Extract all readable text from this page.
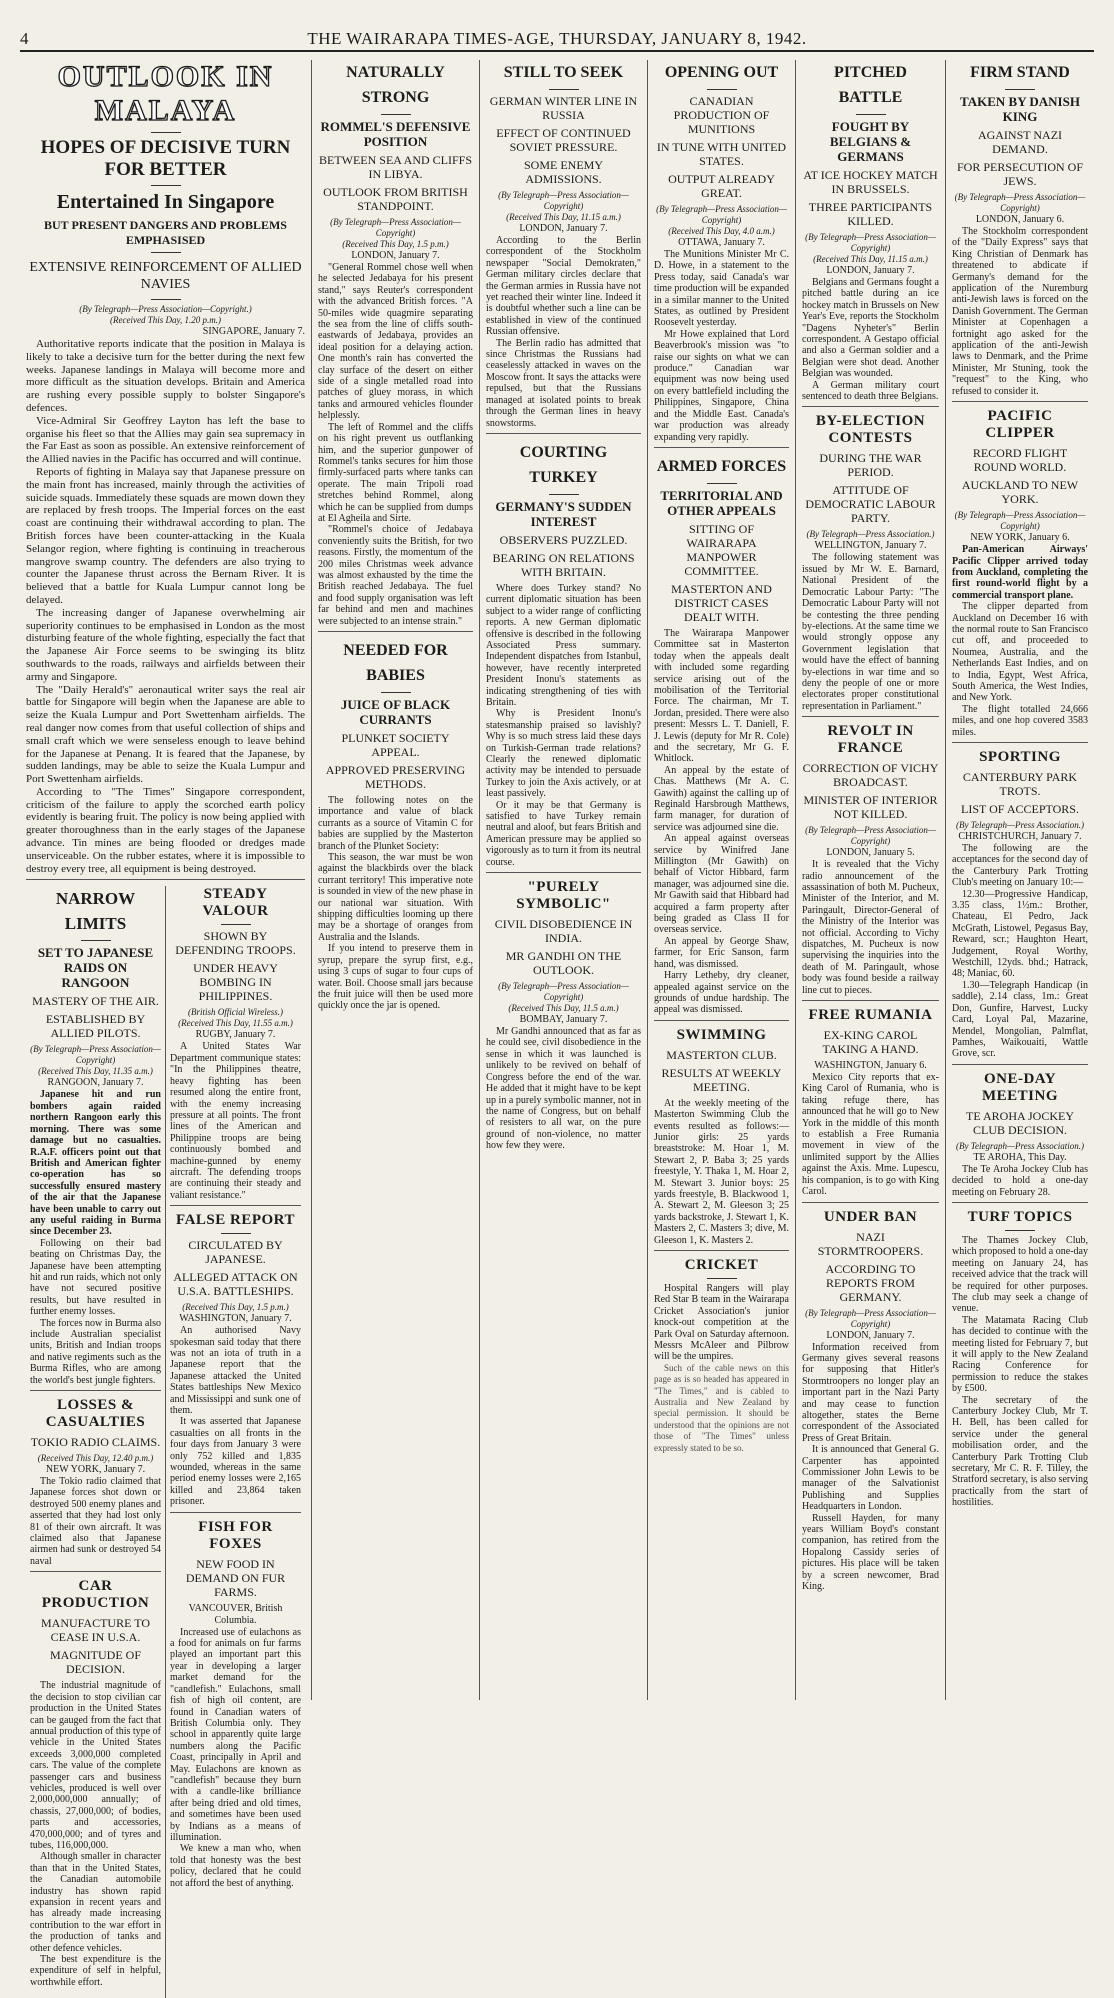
4	THE WAIRARAPA TIMES-AGE, THURSDAY, JANUARY 8, 1942.
OUTLOOK IN MALAYA
HOPES OF DECISIVE TURN FOR BETTER
Entertained In Singapore
BUT PRESENT DANGERS AND PROBLEMS EMPHASISED
EXTENSIVE REINFORCEMENT OF ALLIED NAVIES
(By Telegraph—Press Association—Copyright.)
(Received This Day, 1.20 p.m.)
SINGAPORE, January 7.

Authoritative reports indicate that the position in Malaya is likely to take a decisive turn for the better during the next few weeks. Japanese landings in Malaya will become more and more difficult as the situation develops. Britain and America are rushing every possible supply to bolster Singapore's defences.

Vice-Admiral Sir Geoffrey Layton has left the base to organise his fleet so that the Allies may gain sea supremacy in the Far East as soon as possible. An extensive reinforcement of the Allied navies in the Pacific has occurred and will continue.

Reports of fighting in Malaya say that Japanese pressure on the main front has increased, mainly through the activities of suicide squads. Immediately these squads are mown down they are replaced by fresh troops. The Imperial forces on the east coast are continuing their withdrawal according to plan. The British forces have been counter-attacking in the Kuala Selangor region, where fighting is continuing in treacherous mangrove swamp country. The defenders are also trying to counter the Japanese thrust across the Bernam River. It is believed that a battle for Kuala Lumpur cannot long be delayed.

The increasing danger of Japanese overwhelming air superiority continues to be emphasised in London as the most disturbing feature of the whole fighting, especially the fact that the Japanese Air Force seems to be swinging its blitz southwards to the roads, railways and airfields between their army and Singapore.

The "Daily Herald's" aeronautical writer says the real air battle for Singapore will begin when the Japanese are able to seize the Kuala Lumpur and Port Swettenham airfields. The real danger now comes from that useful collection of ships and small craft which we were senseless enough to leave behind for the Japanese at Penang. It is feared that the Japanese, by sudden landings, may be able to seize the Kuala Lumpur and Port Swettenham airfields.

According to "The Times" Singapore correspondent, criticism of the failure to apply the scorched earth policy evidently is bearing fruit. The policy is now being applied with greater thoroughness than in the early stages of the Japanese advance. Tin mines are being flooded or dredges made unserviceable. On the rubber estates, where it is impossible to destroy every tree, all equipment is being destroyed.

NARROW LIMITS
SET TO JAPANESE RAIDS ON RANGOON
MASTERY OF THE AIR.
ESTABLISHED BY ALLIED PILOTS.
(By Telegraph—Press Association—Copyright)
(Received This Day, 11.35 a.m.)
RANGOON, January 7.

Japanese hit and run bombers again raided northern Rangoon early this morning. There was some damage but no casualties. R.A.F. officers point out that British and American fighter co-operation has so successfully ensured mastery of the air that the Japanese have been unable to carry out any useful raiding in Burma since December 23.

Following on their bad beating on Christmas Day, the Japanese have been attempting hit and run raids, which not only have not secured positive results, but have resulted in further enemy losses.

The forces now in Burma also include Australian specialist units, British and Indian troops and native regiments such as the Burma Rifles, who are among the world's best jungle fighters.

LOSSES & CASUALTIES
TOKIO RADIO CLAIMS.
(Received This Day, 12.40 p.m.)
NEW YORK, January 7.

The Tokio radio claimed that Japanese forces shot down or destroyed 500 enemy planes and asserted that they had lost only 81 of their own aircraft. It was claimed also that Japanese airmen had sunk or destroyed 54 naval

CAR PRODUCTION
MANUFACTURE TO CEASE IN U.S.A.
MAGNITUDE OF DECISION.

The industrial magnitude of the decision to stop civilian car production in the United States can be gauged from the fact that annual production of this type of vehicle in the United States exceeds 3,000,000 completed cars. The value of the complete passenger cars and business vehicles, produced is well over 2,000,000,000 annually; of chassis, 27,000,000; of bodies, parts and accessories, 470,000,000; and of tyres and tubes, 116,000,000.

Although smaller in character than that in the United States, the Canadian automobile industry has shown rapid expansion in recent years and has already made increasing contribution to the war effort in the production of tanks and other defence vehicles.

The best expenditure is the expenditure of self in helpful, worthwhile effort.

STEADY VALOUR
SHOWN BY DEFENDING TROOPS.
UNDER HEAVY BOMBING IN PHILIPPINES.
(British Official Wireless.)
(Received This Day, 11.55 a.m.)
RUGBY, January 7.

A United States War Department communique states: "In the Philippines theatre, heavy fighting has been resumed along the entire front, with the enemy increasing pressure at all points. The front lines of the American and Philippine troops are being continuously bombed and machine-gunned by enemy aircraft. The defending troops are continuing their steady and valiant resistance."

FALSE REPORT
CIRCULATED BY JAPANESE.
ALLEGED ATTACK ON U.S.A. BATTLESHIPS.
(Received This Day, 1.5 p.m.)
WASHINGTON, January 7.

An authorised Navy spokesman said today that there was not an iota of truth in a Japanese report that the Japanese attacked the United States battleships New Mexico and Mississippi and sunk one of them.

It was asserted that Japanese casualties on all fronts in the four days from January 3 were only 752 killed and 1,835 wounded, whereas in the same period enemy losses were 2,165 killed and 23,864 taken prisoner.

FISH FOR FOXES
NEW FOOD IN DEMAND ON FUR FARMS.
VANCOUVER, British Columbia.

Increased use of eulachons as a food for animals on fur farms played an important part this year in developing a larger market demand for the "candlefish." Eulachons, small fish of high oil content, are found in Canadian waters of British Columbia only. They school in apparently quite large numbers along the Pacific Coast, principally in April and May. Eulachons are known as "candlefish" because they burn with a candle-like brilliance after being dried and old times, and sometimes have been used by Indians as a means of illumination.

We knew a man who, when told that honesty was the best policy, declared that he could not afford the best of anything.

NATURALLY STRONG
ROMMEL'S DEFENSIVE POSITION
BETWEEN SEA AND CLIFFS IN LIBYA.
OUTLOOK FROM BRITISH STANDPOINT.
(By Telegraph—Press Association—Copyright)
(Received This Day, 1.5 p.m.)
LONDON, January 7.

"General Rommel chose well when he selected Jedabaya for his present stand," says Reuter's correspondent with the advanced British forces. "A 50-miles wide quagmire separating the sea from the line of cliffs south-eastwards of Jedabaya, provides an ideal position for a delaying action. One month's rain has converted the clay surface of the desert on either side of a single metalled road into patches of gluey morass, in which tanks and armoured vehicles flounder helplessly.

The left of Rommel and the cliffs on his right prevent us outflanking him, and the superior gunpower of Rommel's tanks secures for him those firmly-surfaced parts where tanks can operate. The main Tripoli road stretches behind Rommel, along which he can be supplied from dumps at El Agheila and Sirte.

"Rommel's choice of Jedabaya conveniently suits the British, for two reasons. Firstly, the momentum of the 200 miles Christmas week advance was almost exhausted by the time the British reached Jedabaya. The fuel and food supply organisation was left far behind and men and machines were subjected to an intense strain."

NEEDED FOR BABIES
JUICE OF BLACK CURRANTS
PLUNKET SOCIETY APPEAL.
APPROVED PRESERVING METHODS.

The following notes on the importance and value of black currants as a source of Vitamin C for babies are supplied by the Masterton branch of the Plunket Society:

This season, the war must be won against the blackbirds over the black currant territory! This imperative note is sounded in view of the new phase in our national war situation. With shipping difficulties looming up there may be a shortage of oranges from Australia and the Islands.

If you intend to preserve them in syrup, prepare the syrup first, e.g., using 3 cups of sugar to four cups of water. Boil. Choose small jars because the fruit juice will then be used more quickly once the jar is opened.

STILL TO SEEK
GERMAN WINTER LINE IN RUSSIA
EFFECT OF CONTINUED SOVIET PRESSURE.
SOME ENEMY ADMISSIONS.
(By Telegraph—Press Association—Copyright)
(Received This Day, 11.15 a.m.)
LONDON, January 7.

According to the Berlin correspondent of the Stockholm newspaper "Social Demokraten," German military circles declare that the German armies in Russia have not yet reached their winter line. Indeed it is doubtful whether such a line can be established in view of the continued Russian offensive.

The Berlin radio has admitted that since Christmas the Russians had ceaselessly attacked in waves on the Moscow front. It says the attacks were repulsed, but that the Russians managed at isolated points to break through the German lines in heavy snowstorms.

COURTING TURKEY
GERMANY'S SUDDEN INTEREST
OBSERVERS PUZZLED.
BEARING ON RELATIONS WITH BRITAIN.

Where does Turkey stand? No current diplomatic situation has been subject to a wider range of conflicting reports. A new German diplomatic offensive is described in the following Associated Press summary. Independent dispatches from Istanbul, however, have recently interpreted President Inonu's statements as indicating strengthening of ties with Britain.

Why is President Inonu's statesmanship praised so lavishly? Why is so much stress laid these days on Turkish-German trade relations? Clearly the renewed diplomatic activity may be intended to persuade Turkey to join the Axis actively, or at least passively.

Or it may be that Germany is satisfied to have Turkey remain neutral and aloof, but fears British and American pressure may be applied so vigorously as to turn it from its neutral course.

"PURELY SYMBOLIC"
CIVIL DISOBEDIENCE IN INDIA.
MR GANDHI ON THE OUTLOOK.
(By Telegraph—Press Association—Copyright)
(Received This Day, 11.5 a.m.)
BOMBAY, January 7.

Mr Gandhi announced that as far as he could see, civil disobedience in the sense in which it was launched is unlikely to be revived on behalf of Congress before the end of the war. He added that it might have to be kept up in a purely symbolic manner, not in the name of Congress, but on behalf of resisters to all war, on the pure ground of non-violence, no matter how few they were.

OPENING OUT
CANADIAN PRODUCTION OF MUNITIONS
IN TUNE WITH UNITED STATES.
OUTPUT ALREADY GREAT.
(By Telegraph—Press Association—Copyright)
(Received This Day, 4.0 a.m.)
OTTAWA, January 7.

The Munitions Minister Mr C. D. Howe, in a statement to the Press today, said Canada's war time production will be expanded in a similar manner to the United States, as outlined by President Roosevelt yesterday.

Mr Howe explained that Lord Beaverbrook's mission was "to raise our sights on what we can produce." Canadian war equipment was now being used on every battlefield including the Philippines, Singapore, China and the Middle East. Canada's war production was already expanding very rapidly.

ARMED FORCES
TERRITORIAL AND OTHER APPEALS
SITTING OF WAIRARAPA MANPOWER COMMITTEE.
MASTERTON AND DISTRICT CASES DEALT WITH.

The Wairarapa Manpower Committee sat in Masterton today when the appeals dealt with included some regarding service arising out of the mobilisation of the Territorial Force. The chairman, Mr T. Jordan, presided. There were also present: Messrs L. T. Daniell, F. J. Lewis (deputy for Mr R. Cole) and the secretary, Mr G. F. Whitlock.

An appeal by the estate of Chas. Matthews (Mr A. C. Gawith) against the calling up of Reginald Harsbrough Matthews, farm manager, for duration of service was adjourned sine die.

An appeal against overseas service by Winifred Jane Millington (Mr Gawith) on behalf of Victor Hibbard, farm manager, was adjourned sine die. Mr Gawith said that Hibbard had acquired a farm property after being graded as Class II for overseas service.

An appeal by George Shaw, farmer, for Eric Sanson, farm hand, was dismissed.

Harry Letheby, dry cleaner, appealed against service on the grounds of undue hardship. The appeal was dismissed.

SWIMMING
MASTERTON CLUB.
RESULTS AT WEEKLY MEETING.

At the weekly meeting of the Masterton Swimming Club the events resulted as follows:—Junior girls: 25 yards breaststroke: M. Hoar 1, M. Stewart 2, P. Baba 3; 25 yards freestyle, Y. Thaka 1, M. Hoar 2, M. Stewart 3. Junior boys: 25 yards freestyle, B. Blackwood 1, A. Stewart 2, M. Gleeson 3; 25 yards backstroke, J. Stewart 1, K. Masters 2, C. Masters 3; dive, M. Gleeson 1, K. Masters 2.

CRICKET

Hospital Rangers will play Red Star B team in the Wairarapa Cricket Association's junior knock-out competition at the Park Oval on Saturday afternoon. Messrs McAleer and Pilbrow will be the umpires.

Such of the cable news on this page as is so headed has appeared in "The Times," and is cabled to Australia and New Zealand by special permission. It should be understood that the opinions are not those of "The Times" unless expressly stated to be so.

PITCHED BATTLE
FOUGHT BY BELGIANS & GERMANS
AT ICE HOCKEY MATCH IN BRUSSELS.
THREE PARTICIPANTS KILLED.
(By Telegraph—Press Association—Copyright)
(Received This Day, 11.15 a.m.)
LONDON, January 7.

Belgians and Germans fought a pitched battle during an ice hockey match in Brussels on New Year's Eve, reports the Stockholm "Dagens Nyheter's" Berlin correspondent. A Gestapo official and also a German soldier and a Belgian were shot dead. Another Belgian was wounded.

A German military court sentenced to death three Belgians.

BY-ELECTION CONTESTS
DURING THE WAR PERIOD.
ATTITUDE OF DEMOCRATIC LABOUR PARTY.
(By Telegraph—Press Association.)
WELLINGTON, January 7.

The following statement was issued by Mr W. E. Barnard, National President of the Democratic Labour Party: "The Democratic Labour Party will not be contesting the three pending by-elections. At the same time we would strongly oppose any Government legislation that would have the effect of banning by-elections in war time and so deny the people of one or more electorates proper constitutional representation in Parliament."

REVOLT IN FRANCE
CORRECTION OF VICHY BROADCAST.
MINISTER OF INTERIOR NOT KILLED.
(By Telegraph—Press Association—Copyright)
LONDON, January 5.

It is revealed that the Vichy radio announcement of the assassination of both M. Pucheux, Minister of the Interior, and M. Paringault, Director-General of the Ministry of the Interior was not official. According to Vichy dispatches, M. Pucheux is now supervising the inquiries into the death of M. Paringault, whose body was found beside a railway line cut to pieces.

FREE RUMANIA
EX-KING CAROL TAKING A HAND.
WASHINGTON, January 6.

Mexico City reports that ex-King Carol of Rumania, who is taking refuge there, has announced that he will go to New York in the middle of this month to establish a Free Rumania movement in view of the unlimited support by the Allies against the Axis. Mme. Lupescu, his companion, is to go with King Carol.

UNDER BAN
NAZI STORMTROOPERS.
ACCORDING TO REPORTS FROM GERMANY.
(By Telegraph—Press Association—Copyright)
LONDON, January 7.

Information received from Germany gives several reasons for supposing that Hitler's Stormtroopers no longer play an important part in the Nazi Party and may cease to function altogether, states the Berne correspondent of the Associated Press of Great Britain.

It is announced that General G. Carpenter has appointed Commissioner John Lewis to be manager of the Salvationist Publishing and Supplies Headquarters in London.

Russell Hayden, for many years William Boyd's constant companion, has retired from the Hopalong Cassidy series of pictures. His place will be taken by a screen newcomer, Brad King.

FIRM STAND
TAKEN BY DANISH KING
AGAINST NAZI DEMAND.
FOR PERSECUTION OF JEWS.
(By Telegraph—Press Association—Copyright)
LONDON, January 6.

The Stockholm correspondent of the "Daily Express" says that King Christian of Denmark has threatened to abdicate if Germany's demand for the application of the Nuremburg anti-Jewish laws is forced on the Danish Government. The German Minister at Copenhagen a fortnight ago asked for the application of the anti-Jewish laws to Denmark, and the Prime Minister, Mr Stuning, took the "request" to the King, who refused to consider it.

PACIFIC CLIPPER
RECORD FLIGHT ROUND WORLD.
AUCKLAND TO NEW YORK.
(By Telegraph—Press Association—Copyright)
NEW YORK, January 6.

Pan-American Airways' Pacific Clipper arrived today from Auckland, completing the first round-world flight by a commercial transport plane.

The clipper departed from Auckland on December 16 with the normal route to San Francisco cut off, and proceeded to Noumea, Australia, and the Netherlands East Indies, and on to India, Egypt, West Africa, South America, the West Indies, and New York.

The flight totalled 24,666 miles, and one hop covered 3583 miles.

SPORTING
CANTERBURY PARK TROTS.
LIST OF ACCEPTORS.
(By Telegraph—Press Association.)
CHRISTCHURCH, January 7.

The following are the acceptances for the second day of the Canterbury Park Trotting Club's meeting on January 10:—

12.30—Progressive Handicap, 3.35 class, 1½m.: Brother, Chateau, El Pedro, Jack McGrath, Listowel, Pegasus Bay, Reward, scr.; Haughton Heart, Judgement, Royal Worthy, Westchill, 12yds. bhd.; Hatrack, 48; Maniac, 60.

1.30—Telegraph Handicap (in saddle), 2.14 class, 1m.: Great Don, Gunfire, Harvest, Lucky Card, Loyal Pal, Mazarine, Mendel, Mongolian, Palmflat, Pamhes, Waikouaiti, Wattle Grove, scr.

ONE-DAY MEETING
TE AROHA JOCKEY CLUB DECISION.
(By Telegraph—Press Association.)
TE AROHA, This Day.

The Te Aroha Jockey Club has decided to hold a one-day meeting on February 28.

TURF TOPICS

The Thames Jockey Club, which proposed to hold a one-day meeting on January 24, has received advice that the track will be required for other purposes. The club may seek a change of venue.

The Matamata Racing Club has decided to continue with the meeting listed for February 7, but it will apply to the New Zealand Racing Conference for permission to reduce the stakes by £500.

The secretary of the Canterbury Jockey Club, Mr T. H. Bell, has been called for service under the general mobilisation order, and the Canterbury Park Trotting Club secretary, Mr C. R. F. Tilley, the Stratford secretary, is also serving practically from the start of hostilities.
